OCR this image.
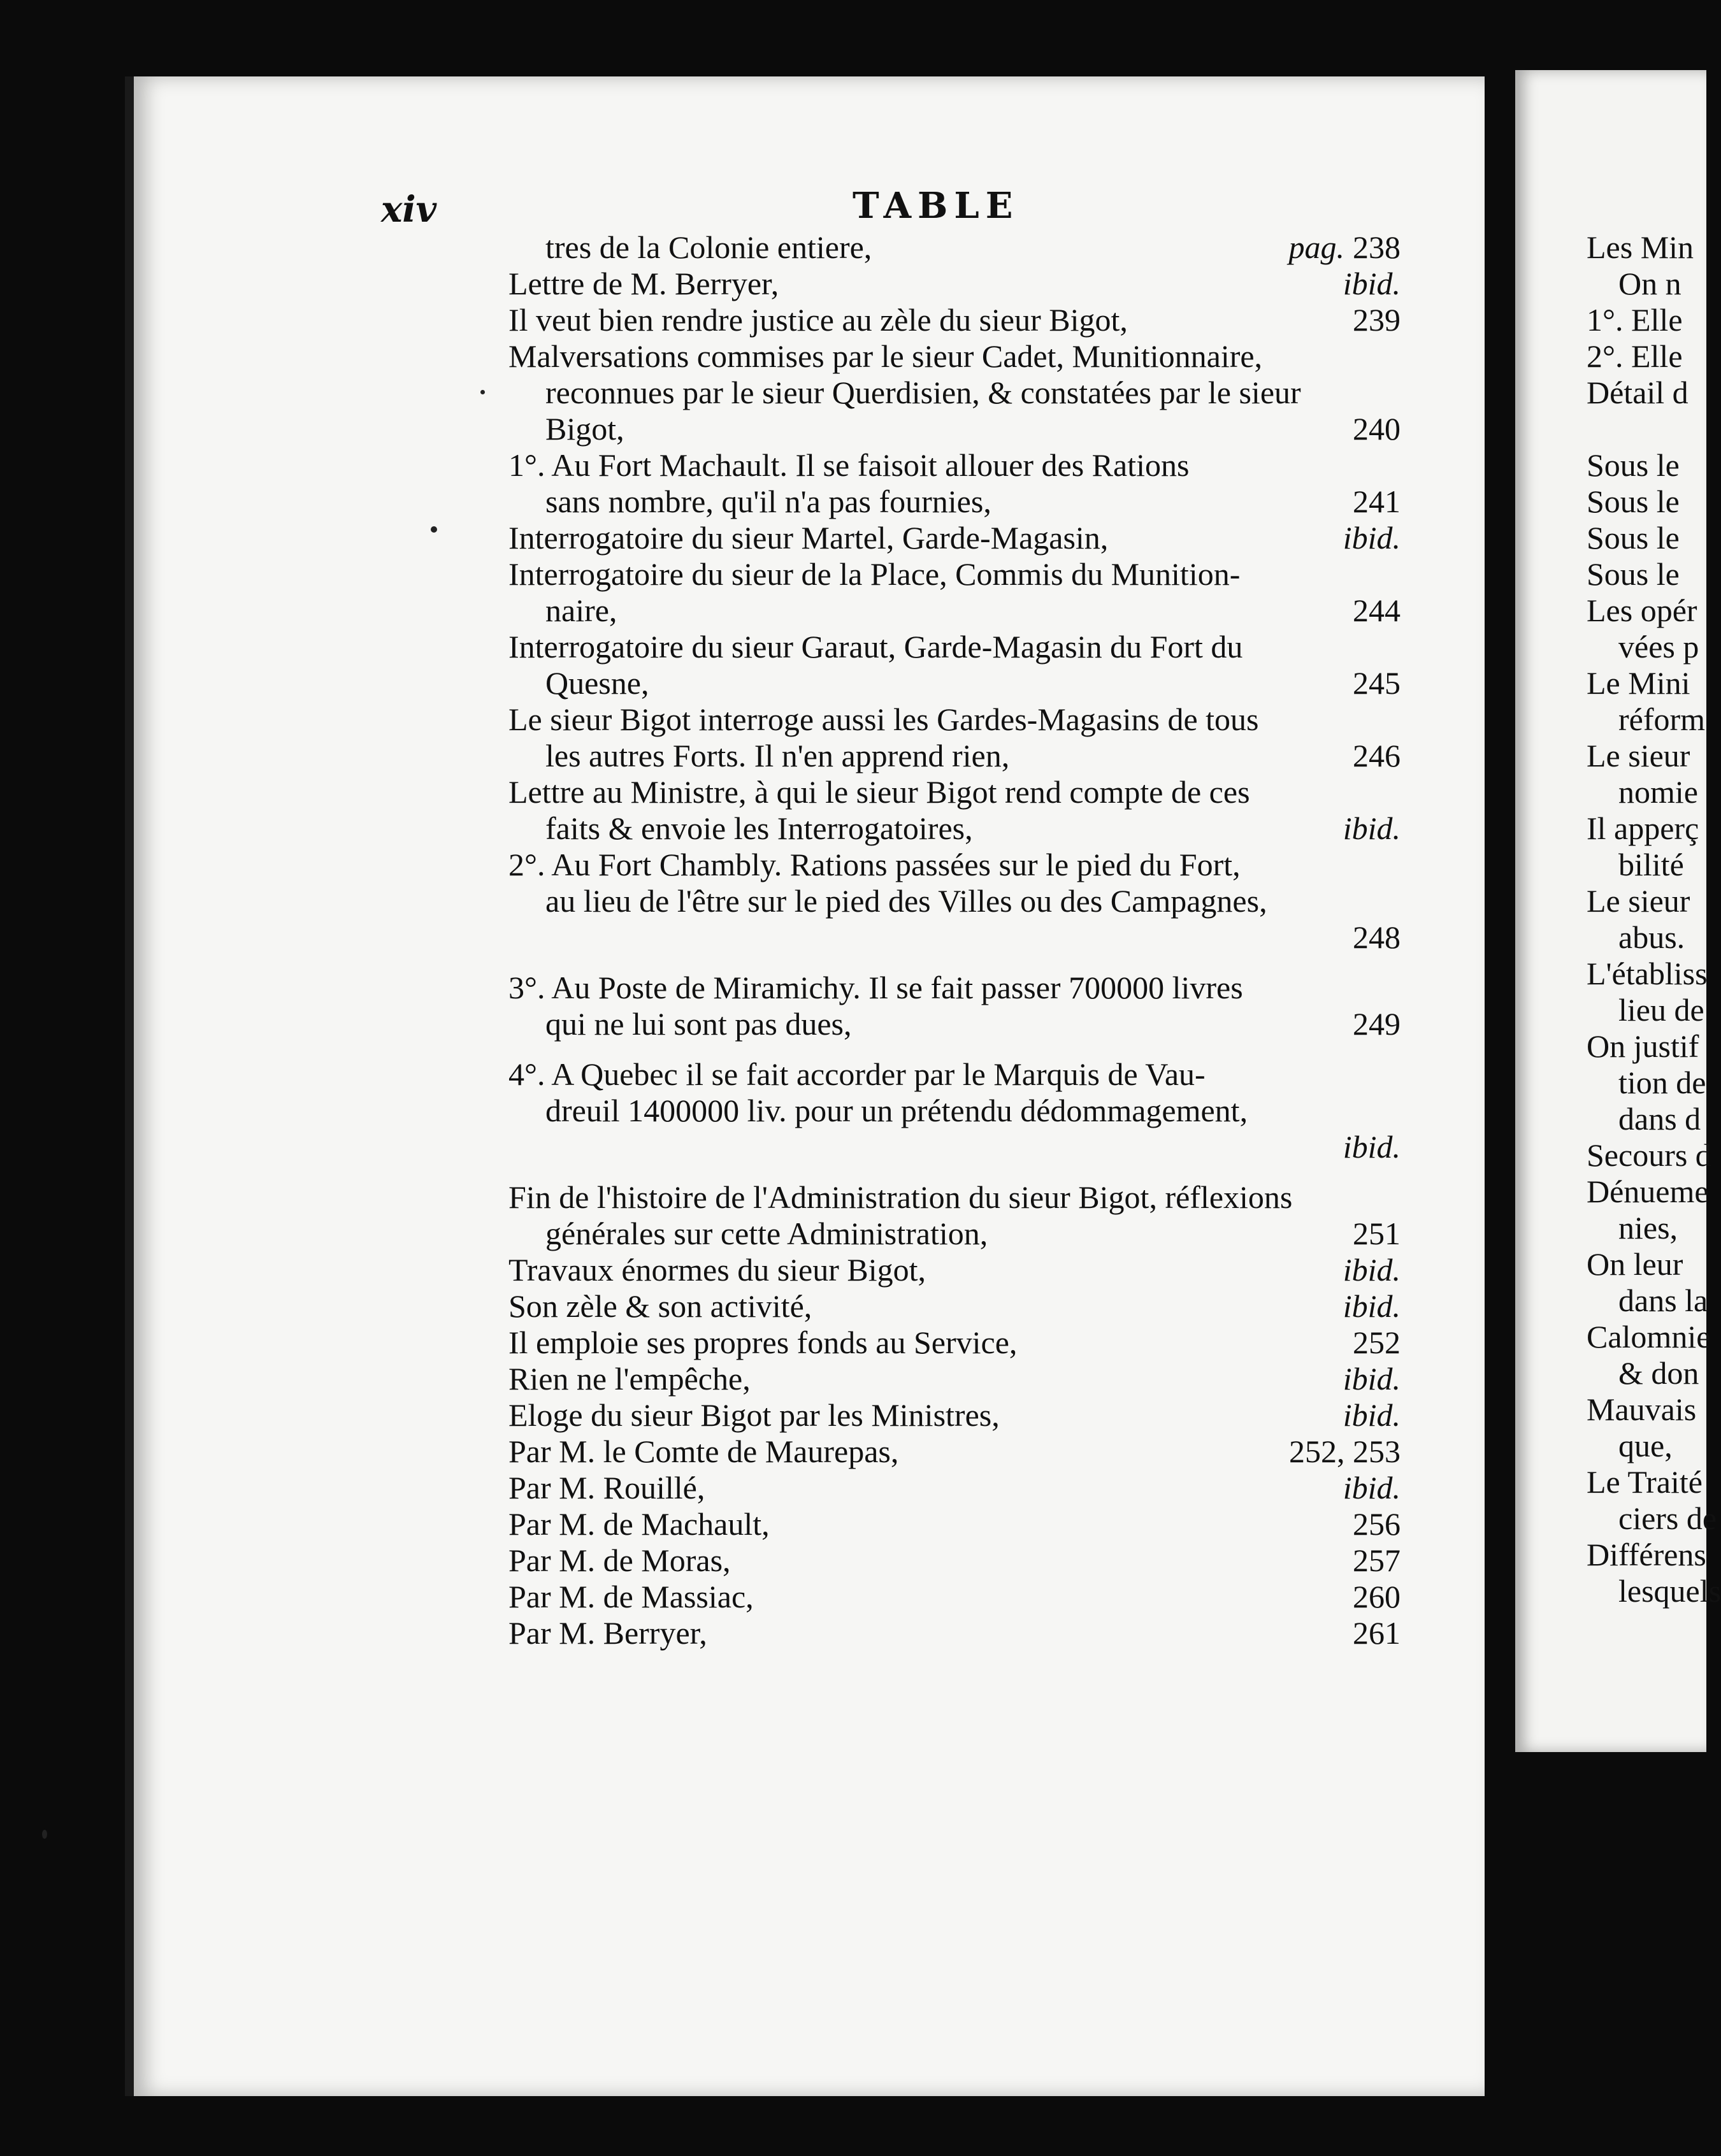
xiv	TABLE
tres de la Colonie entiere,	pag. 238
Lettre de M. Berryer,	ibid.
Il veut bien rendre justice au zèle du sieur Bigot,	239
Malversations commises par le sieur Cadet, Munitionnaire,
reconnues par le sieur Querdisien, & constatées par le sieur
Bigot,	240
1°. Au Fort Machault. Il se faisoit allouer des Rations
sans nombre, qu'il n'a pas fournies,	241
Interrogatoire du sieur Martel, Garde-Magasin,	ibid.
Interrogatoire du sieur de la Place, Commis du Munition-
naire,	244
Interrogatoire du sieur Garaut, Garde-Magasin du Fort du
Quesne,	245
Le sieur Bigot interroge aussi les Gardes-Magasins de tous
les autres Forts. Il n'en apprend rien,	246
Lettre au Ministre, à qui le sieur Bigot rend compte de ces
faits & envoie les Interrogatoires,	ibid.
2°. Au Fort Chambly. Rations passées sur le pied du Fort,
au lieu de l'être sur le pied des Villes ou des Campagnes,
248
3°. Au Poste de Miramichy. Il se fait passer 700000 livres
qui ne lui sont pas dues,	249
4°. A Quebec il se fait accorder par le Marquis de Vau-
dreuil 1400000 liv. pour un prétendu dédommagement,
ibid.
Fin de l'histoire de l'Administration du sieur Bigot, réflexions
générales sur cette Administration,	251
Travaux énormes du sieur Bigot,	ibid.
Son zèle & son activité,	ibid.
Il emploie ses propres fonds au Service,	252
Rien ne l'empêche,	ibid.
Eloge du sieur Bigot par les Ministres,	ibid.
Par M. le Comte de Maurepas,	252, 253
Par M. Rouillé,	ibid.
Par M. de Machault,	256
Par M. de Moras,	257
Par M. de Massiac,	260
Par M. Berryer,	261
Les Min
On n
1°. Elle
2°. Elle
Détail d
Sous le
Sous le
Sous le
Sous le
Les opér
vées p
Le Mini
réform
Le sieur
nomie
Il apperç
bilité
Le sieur
abus.
L'établiss
lieu de
On justif
tion de
dans d
Secours d
Dénueme
nies,
On leur
dans la
Calomnie
& don
Mauvais
que,
Le Traité
ciers de
Différens
lesquels
